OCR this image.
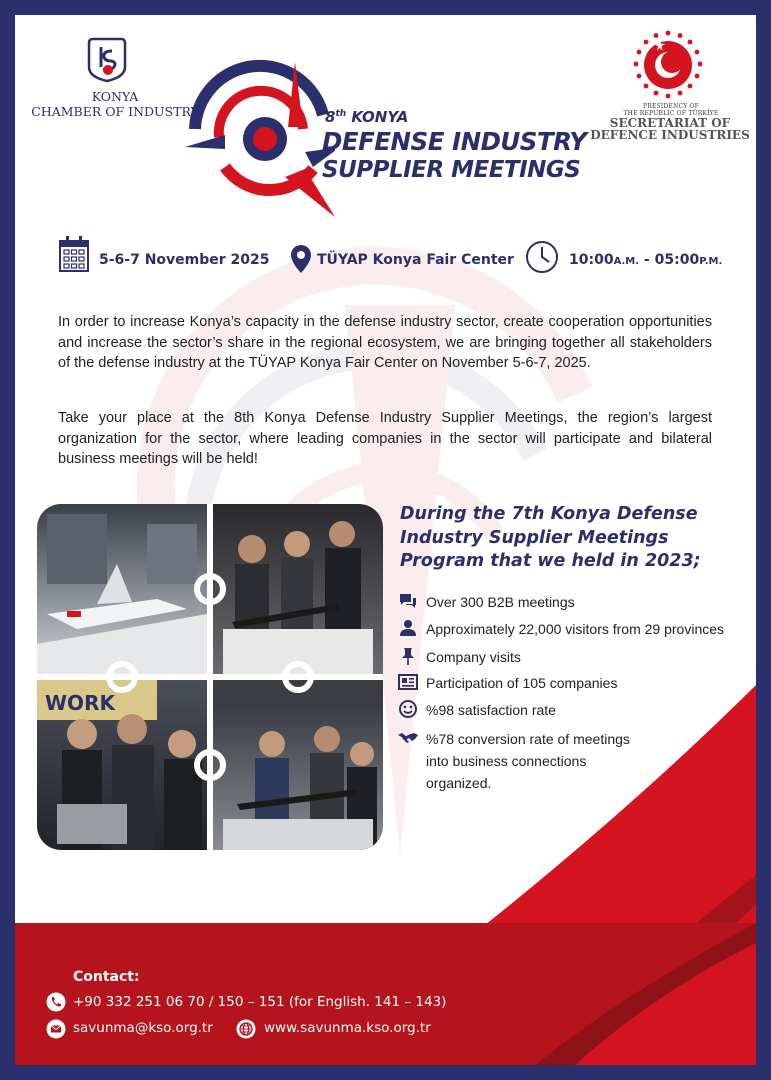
KONYA
CHAMBER OF INDUSTRY	PRESIDENCY OF
THE REPUBLIC OF TÜRKİYE
SECRETARIAT OF
DEFENCE INDUSTRIES
8th KONYA
DEFENSE INDUSTRY
SUPPLIER MEETINGS
5-6-7 November 2025	TÜYAP Konya Fair Center	10:00A.M. - 05:00P.M.
In order to increase Konya’s capacity in the defense industry sector, create cooperation opportunities and increase the sector’s share in the regional ecosystem, we are bringing together all stakeholders of the defense industry at the TÜYAP Konya Fair Center on November 5-6-7, 2025.
Take your place at the 8th Konya Defense Industry Supplier Meetings, the region’s largest organization for the sector, where leading companies in the sector will participate and bilateral business meetings will be held!
WORK
During the 7th Konya Defense Industry Supplier Meetings Program that we held in 2023;
Over 300 B2B meetings
Approximately 22,000 visitors from 29 provinces
Company visits
Participation of 105 companies
%98 satisfaction rate
%78 conversion rate of meetings
into business connections
organized.
Contact:
+90 332 251 06 70 / 150 – 151 (for English. 141 – 143)
savunma@kso.org.tr	www.savunma.kso.org.tr
